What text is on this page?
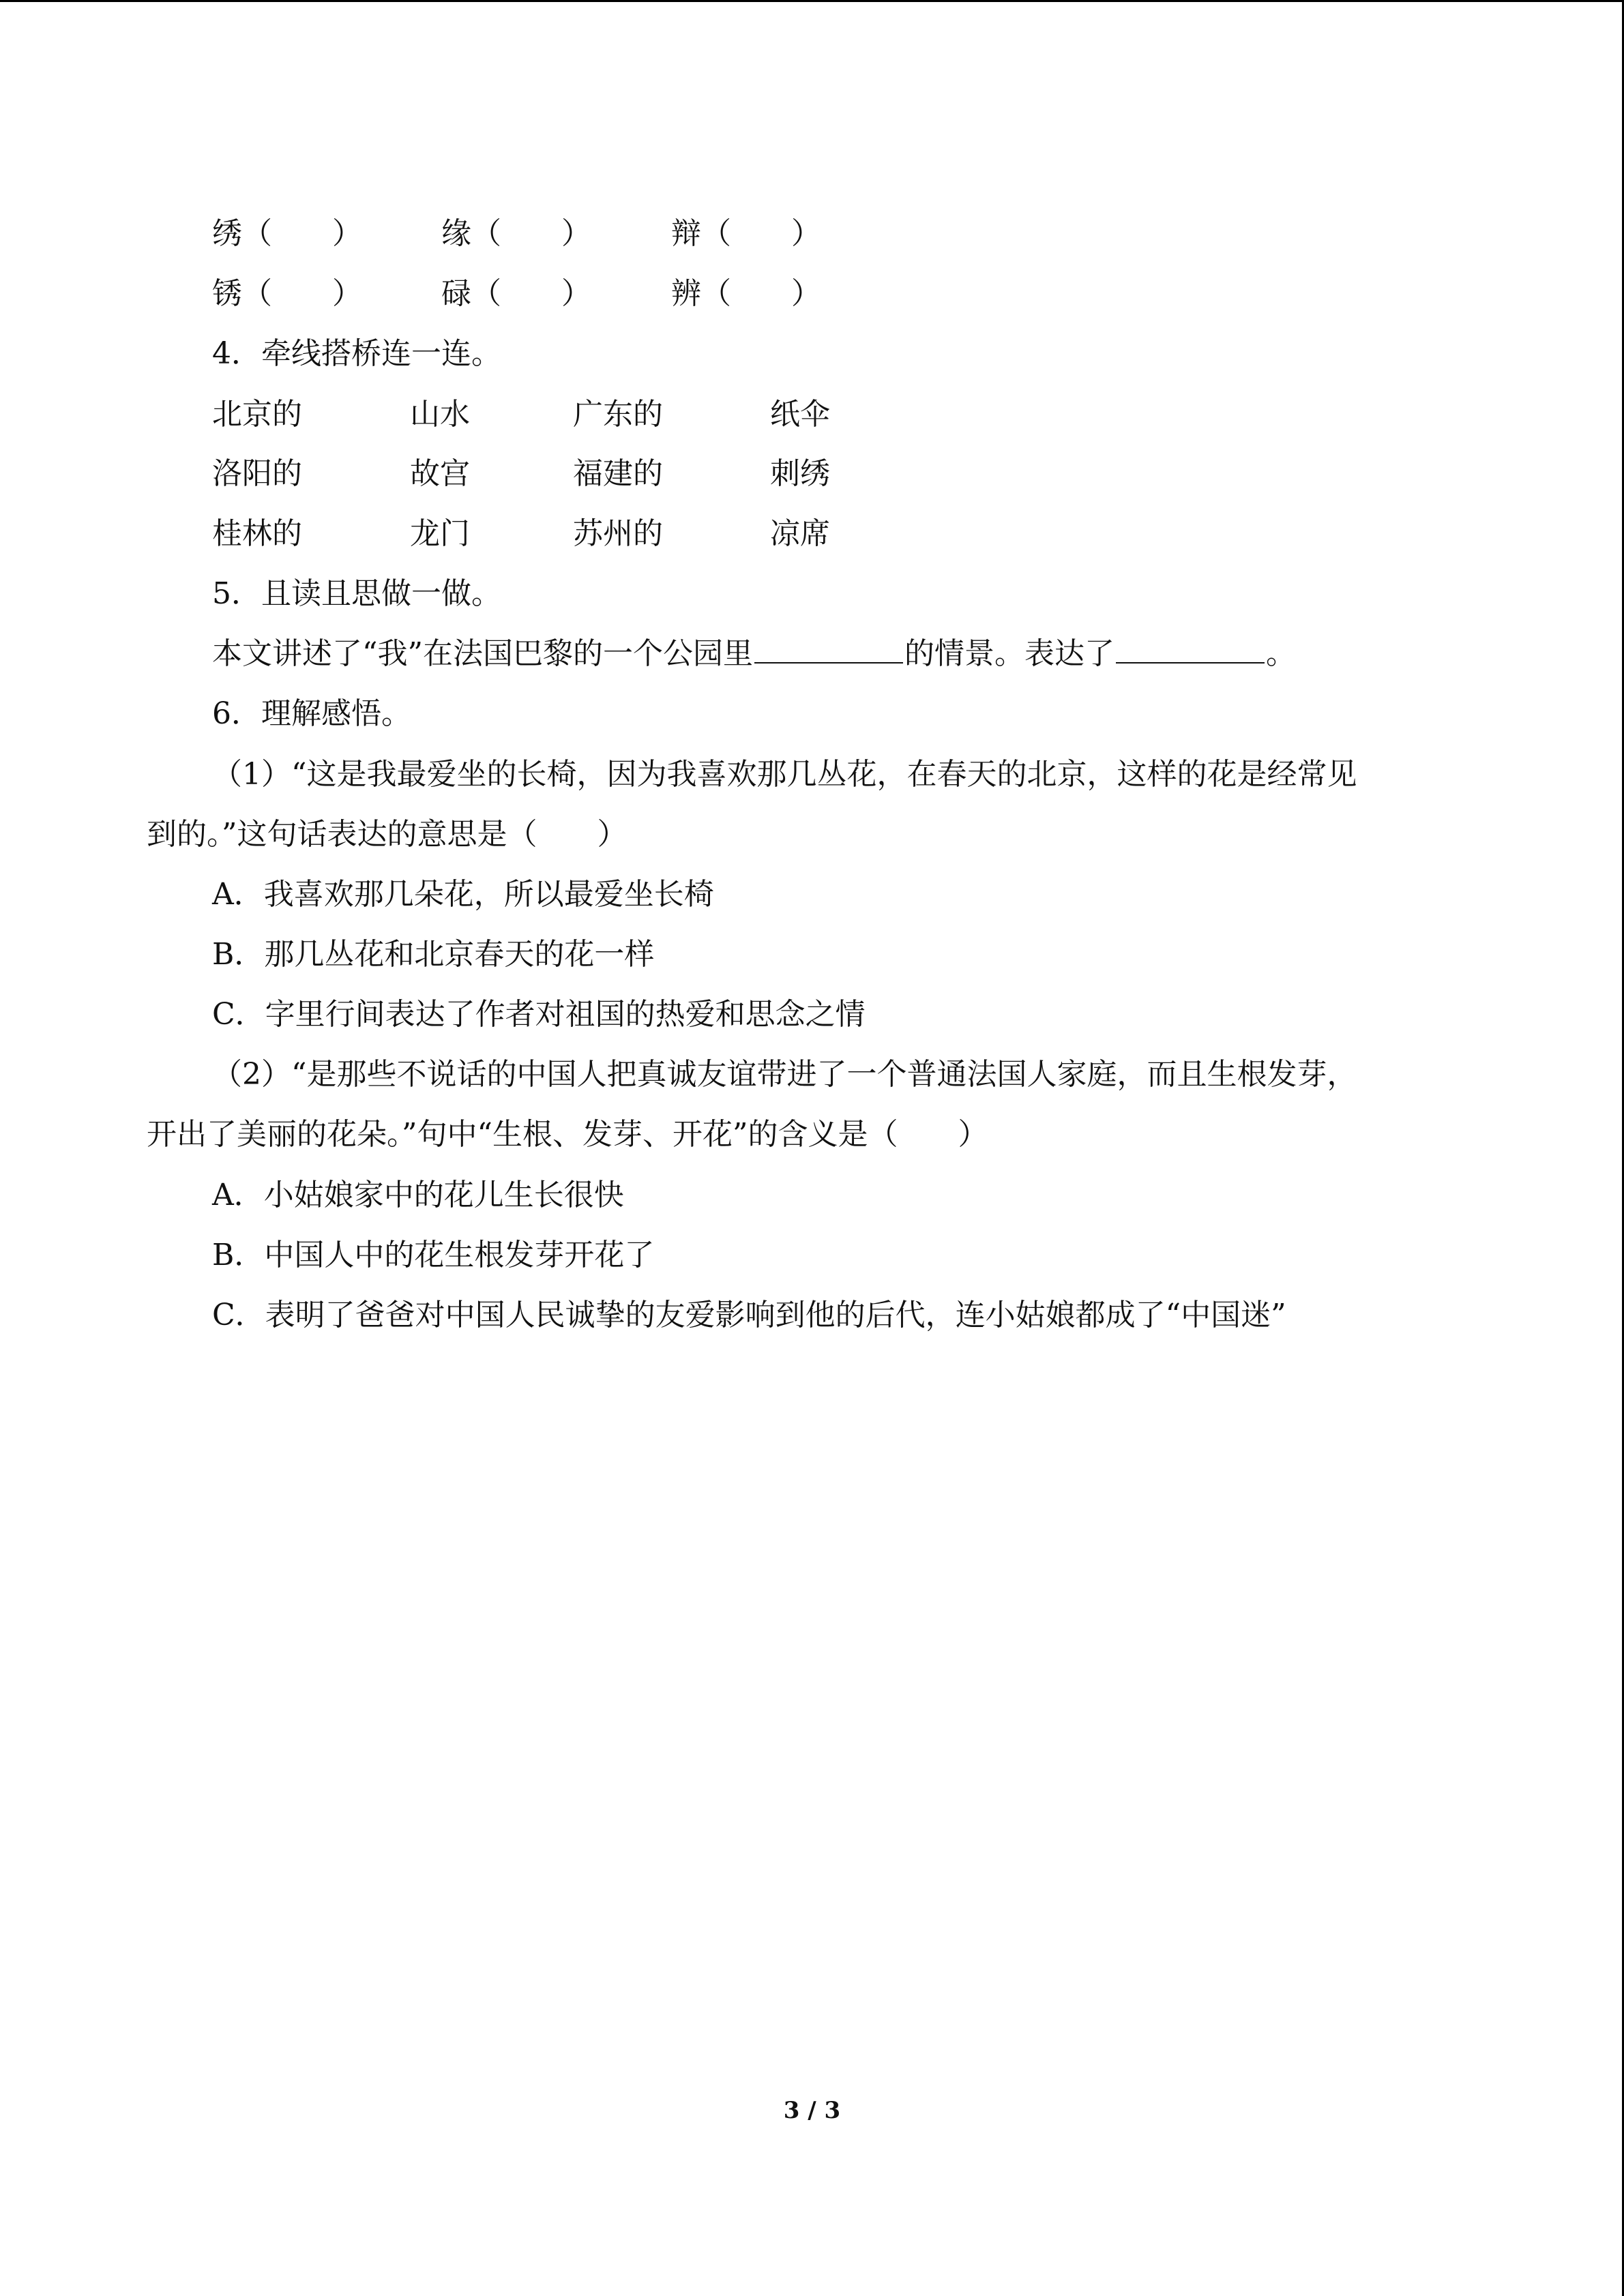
绣（　　）	缘（　　）	辩（　　）
锈（　　）	碌（　　）	辨（　　）
4．牵线搭桥连一连。
北京的	山水	广东的	纸伞
洛阳的	故宫	福建的	刺绣
桂林的	龙门	苏州的	凉席
5．且读且思做一做。
本文讲述了“我”在法国巴黎的一个公园里	的情景。表达了	。
6．理解感悟。
（1）“这是我最爱坐的长椅，因为我喜欢那几丛花，在春天的北京，这样的花是经常见
到的。”这句话表达的意思是（　　）
A．我喜欢那几朵花，所以最爱坐长椅
B．那几丛花和北京春天的花一样
C．字里行间表达了作者对祖国的热爱和思念之情
（2）“是那些不说话的中国人把真诚友谊带进了一个普通法国人家庭，而且生根发芽，
开出了美丽的花朵。”句中“生根、发芽、开花”的含义是（　　）
A．小姑娘家中的花儿生长很快
B．中国人中的花生根发芽开花了
C．表明了爸爸对中国人民诚挚的友爱影响到他的后代，连小姑娘都成了“中国迷”
3 / 3
